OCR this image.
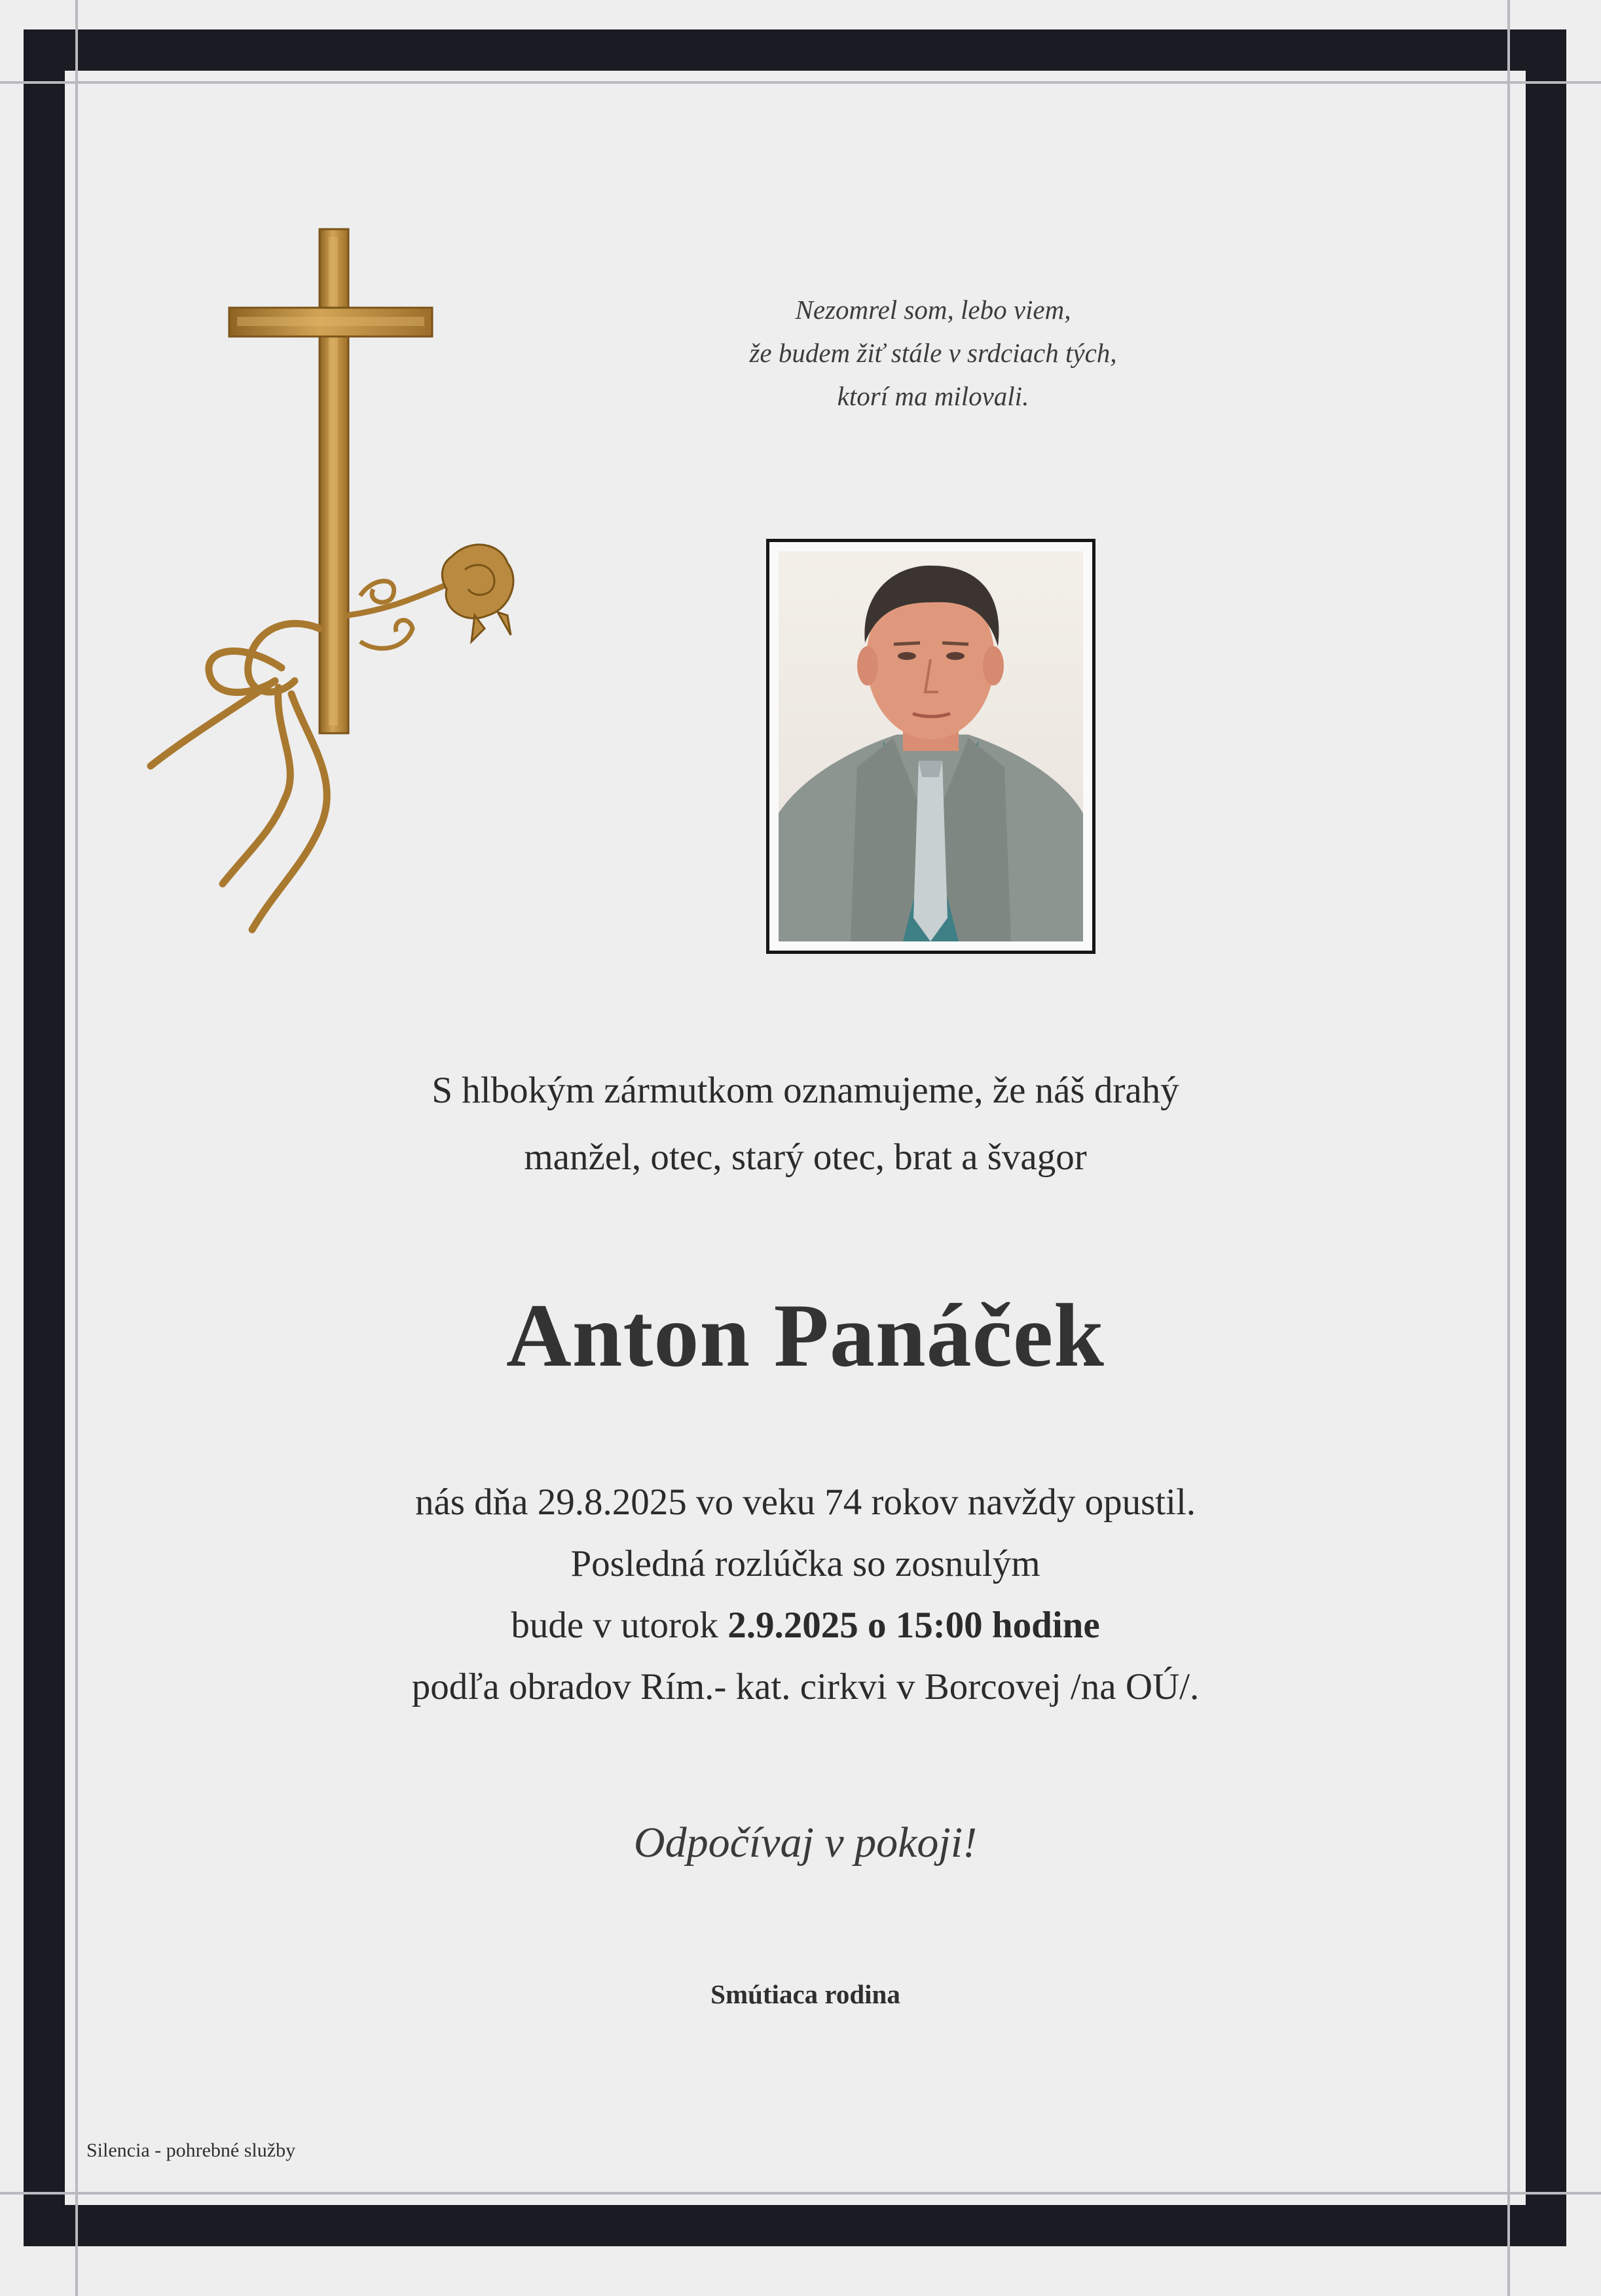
Nezomrel som, lebo viem,
že budem žiť stále v srdciach tých,
ktorí ma milovali.
S hlbokým zármutkom oznamujeme, že náš drahý
manžel, otec, starý otec, brat a švagor
Anton Panáček
nás dňa 29.8.2025 vo veku 74 rokov navždy opustil.
Posledná rozlúčka so zosnulým
bude v utorok 2.9.2025 o 15:00 hodine
podľa obradov Rím.- kat. cirkvi v Borcovej /na OÚ/.
Odpočívaj v pokoji!
Smútiaca rodina
Silencia - pohrebné služby
